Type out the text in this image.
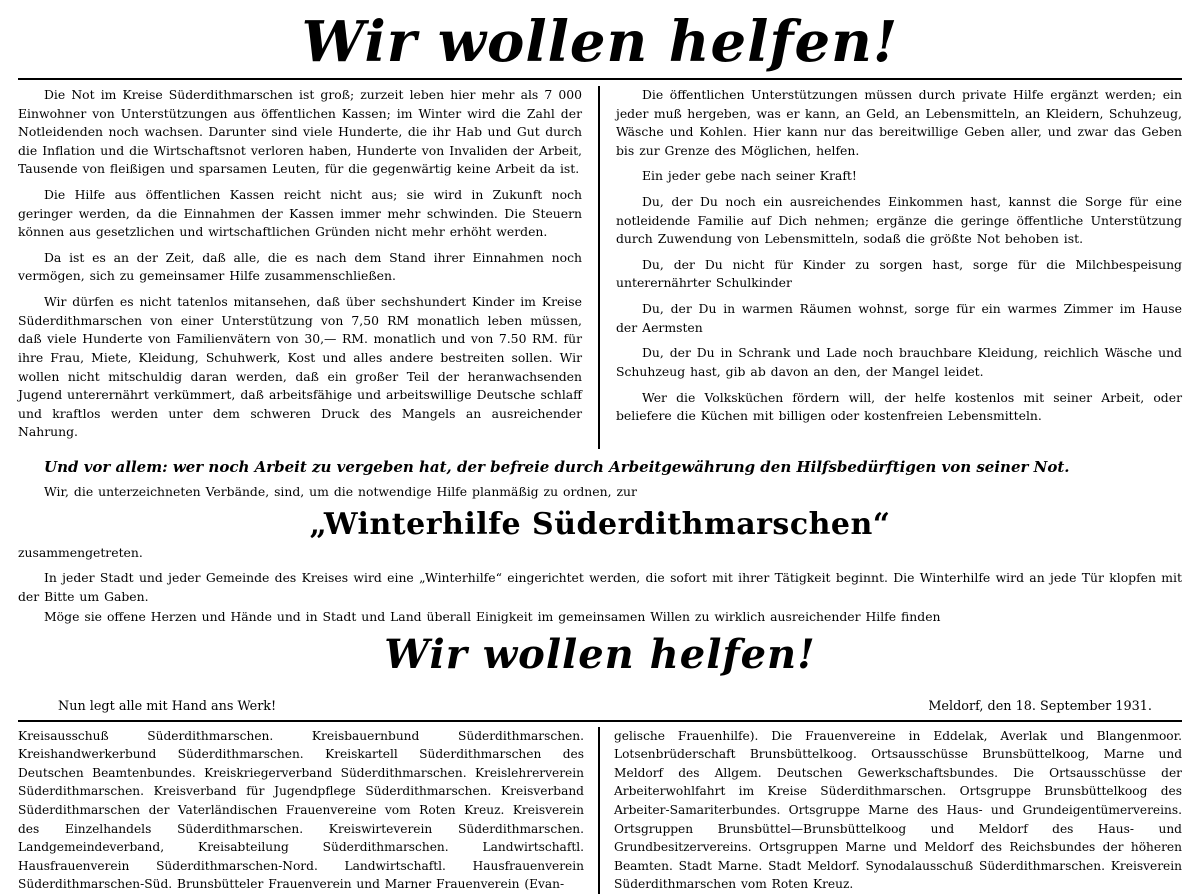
Wir wollen helfen!

Die Not im Kreise Süderdithmarschen ist groß; zurzeit leben hier mehr als 7 000 Einwohner von Unterstützungen aus öffentlichen Kassen; im Winter wird die Zahl der Notleidenden noch wachsen. Darunter sind viele Hunderte, die ihr Hab und Gut durch die Inflation und die Wirtschaftsnot verloren haben, Hunderte von Invaliden der Arbeit, Tausende von fleißigen und sparsamen Leuten, für die gegenwärtig keine Arbeit da ist.

Die Hilfe aus öffentlichen Kassen reicht nicht aus; sie wird in Zukunft noch geringer werden, da die Einnahmen der Kassen immer mehr schwinden. Die Steuern können aus gesetzlichen und wirtschaftlichen Gründen nicht mehr erhöht werden.

Da ist es an der Zeit, daß alle, die es nach dem Stand ihrer Einnahmen noch vermögen, sich zu gemeinsamer Hilfe zusammenschließen.

Wir dürfen es nicht tatenlos mitansehen, daß über sechshundert Kinder im Kreise Süderdithmarschen von einer Unterstützung von 7,50 RM monatlich leben müssen, daß viele Hunderte von Familienvätern von 30,— RM. monatlich und von 7.50 RM. für ihre Frau, Miete, Kleidung, Schuhwerk, Kost und alles andere bestreiten sollen. Wir wollen nicht mitschuldig daran werden, daß ein großer Teil der heranwachsenden Jugend unterernährt verkümmert, daß arbeitsfähige und arbeitswillige Deutsche schlaff und kraftlos werden unter dem schweren Druck des Mangels an ausreichender Nahrung.

Die öffentlichen Unterstützungen müssen durch private Hilfe ergänzt werden; ein jeder muß hergeben, was er kann, an Geld, an Lebensmitteln, an Kleidern, Schuhzeug, Wäsche und Kohlen. Hier kann nur das bereitwillige Geben aller, und zwar das Geben bis zur Grenze des Möglichen, helfen.

Ein jeder gebe nach seiner Kraft!

Du, der Du noch ein ausreichendes Einkommen hast, kannst die Sorge für eine notleidende Familie auf Dich nehmen; ergänze die geringe öffentliche Unterstützung durch Zuwendung von Lebensmitteln, sodaß die größte Not behoben ist.

Du, der Du nicht für Kinder zu sorgen hast, sorge für die Milchbespeisung unterernährter Schulkinder

Du, der Du in warmen Räumen wohnst, sorge für ein warmes Zimmer im Hause der Aermsten

Du, der Du in Schrank und Lade noch brauchbare Kleidung, reichlich Wäsche und Schuhzeug hast, gib ab davon an den, der Mangel leidet.

Wer die Volksküchen fördern will, der helfe kostenlos mit seiner Arbeit, oder beliefere die Küchen mit billigen oder kostenfreien Lebensmitteln.

Und vor allem: wer noch Arbeit zu vergeben hat, der befreie durch Arbeitgewährung den Hilfsbedürftigen von seiner Not.

Wir, die unterzeichneten Verbände, sind, um die notwendige Hilfe planmäßig zu ordnen, zur

„Winterhilfe Süderdithmarschen“
zusammengetreten.

In jeder Stadt und jeder Gemeinde des Kreises wird eine „Winterhilfe“ eingerichtet werden, die sofort mit ihrer Tätigkeit beginnt. Die Winterhilfe wird an jede Tür klopfen mit der Bitte um Gaben.

Möge sie offene Herzen und Hände und in Stadt und Land überall Einigkeit im gemeinsamen Willen zu wirklich ausreichender Hilfe finden

Wir wollen helfen!
Nun legt alle mit Hand ans Werk!	Meldorf, den 18. September 1931.
Kreisausschuß Süderdithmarschen. Kreisbauernbund Süderdithmarschen. Kreishandwerkerbund Süderdithmarschen. Kreiskartell Süderdithmarschen des Deutschen Beamtenbundes. Kreiskriegerverband Süderdithmarschen. Kreislehrerverein Süderdithmarschen. Kreisverband für Jugendpflege Süderdithmarschen. Kreisverband Süderdithmarschen der Vaterländischen Frauenvereine vom Roten Kreuz. Kreisverein des Einzelhandels Süderdithmarschen. Kreiswirteverein Süderdithmarschen. Landgemeindeverband, Kreisabteilung Süderdithmarschen. Landwirtschaftl. Hausfrauenverein Süderdithmarschen-Nord. Landwirtschaftl. Hausfrauenverein Süderdithmarschen-Süd. Brunsbütteler Frauenverein und Marner Frauenverein (Evan-
gelische Frauenhilfe). Die Frauenvereine in Eddelak, Averlak und Blangenmoor. Lotsenbrüderschaft Brunsbüttelkoog. Ortsausschüsse Brunsbüttelkoog, Marne und Meldorf des Allgem. Deutschen Gewerkschaftsbundes. Die Ortsausschüsse der Arbeiterwohlfahrt im Kreise Süderdithmarschen. Ortsgruppe Brunsbüttelkoog des Arbeiter-Samariterbundes. Ortsgruppe Marne des Haus- und Grundeigentümervereins. Ortsgruppen Brunsbüttel—Brunsbüttelkoog und Meldorf des Haus- und Grundbesitzervereins. Ortsgruppen Marne und Meldorf des Reichsbundes der höheren Beamten. Stadt Marne. Stadt Meldorf. Synodalausschuß Süderdithmarschen. Kreisverein Süderdithmarschen vom Roten Kreuz.
